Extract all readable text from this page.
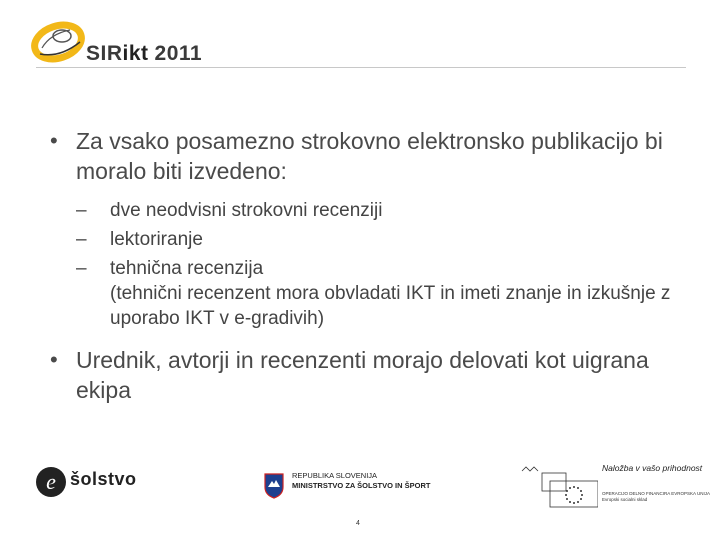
SIRikt 2011
• Za vsako posamezno strokovno elektronsko publikacijo bi moralo biti izvedeno:
– dve neodvisni strokovni recenziji
– lektoriranje
– tehnična recenzija
(tehnični recenzent mora obvladati IKT in imeti znanje in izkušnje z uporabo IKT v e-gradivih)
• Urednik, avtorji in recenzenti morajo delovati kot uigrana ekipa
e šolstvo	REPUBLIKA SLOVENIJA
MINISTRSTVO ZA ŠOLSTVO IN ŠPORT
Naložba v vašo prihodnost
OPERACIJO DELNO FINANCIRA EVROPSKA UNIJA
Evropski socialni sklad
4
